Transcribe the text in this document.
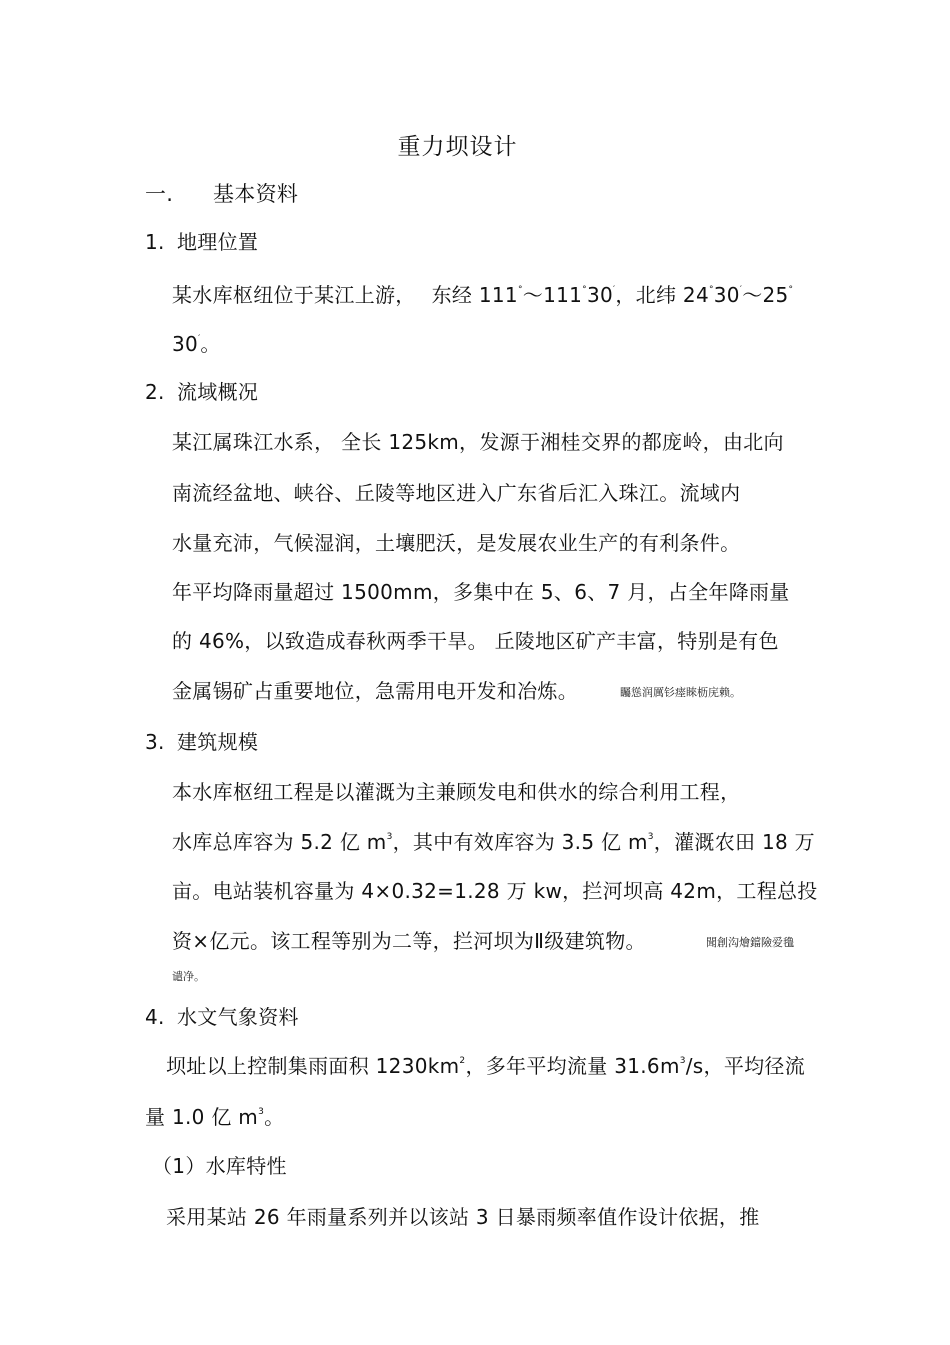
重力坝设计
一. 基本资料
1. 地理位置
某水库枢纽位于某江上游， 东经 111°～111°30′，北纬 24°30′～25°
30′。
2. 流域概况
某江属珠江水系， 全长 125km，发源于湘桂交界的都庞岭，由北向
南流经盆地、峡谷、丘陵等地区进入广东省后汇入珠江。流域内
水量充沛，气候湿润，土壤肥沃，是发展农业生产的有利条件。
年平均降雨量超过 1500mm，多集中在 5、6、7 月，占全年降雨量
的 46%，以致造成春秋两季干旱。 丘陵地区矿产丰富，特别是有色
金属锡矿占重要地位，急需用电开发和冶炼。	矚慫润厲钐瘗睞枥庑赖。
3. 建筑规模
本水库枢纽工程是以灌溉为主兼顾发电和供水的综合利用工程，
水库总库容为 5.2 亿 $m^3$，其中有效库容为 3.5 亿 $m^3$，灌溉农田 18 万
亩。电站装机容量为 4×0.32=1.28 万 kw，拦河坝高 42m，工程总投
资×亿元。该工程等别为二等，拦河坝为Ⅱ级建筑物。	聞創沟燴鐺險爱氇
谴净。
4. 水文气象资料
坝址以上控制集雨面积 $1230km^2$，多年平均流量 $31.6m^3/s$，平均径流
量 1.0 亿 $m^3$。
（1）水库特性
采用某站 26 年雨量系列并以该站 3 日暴雨频率值作设计依据，推
